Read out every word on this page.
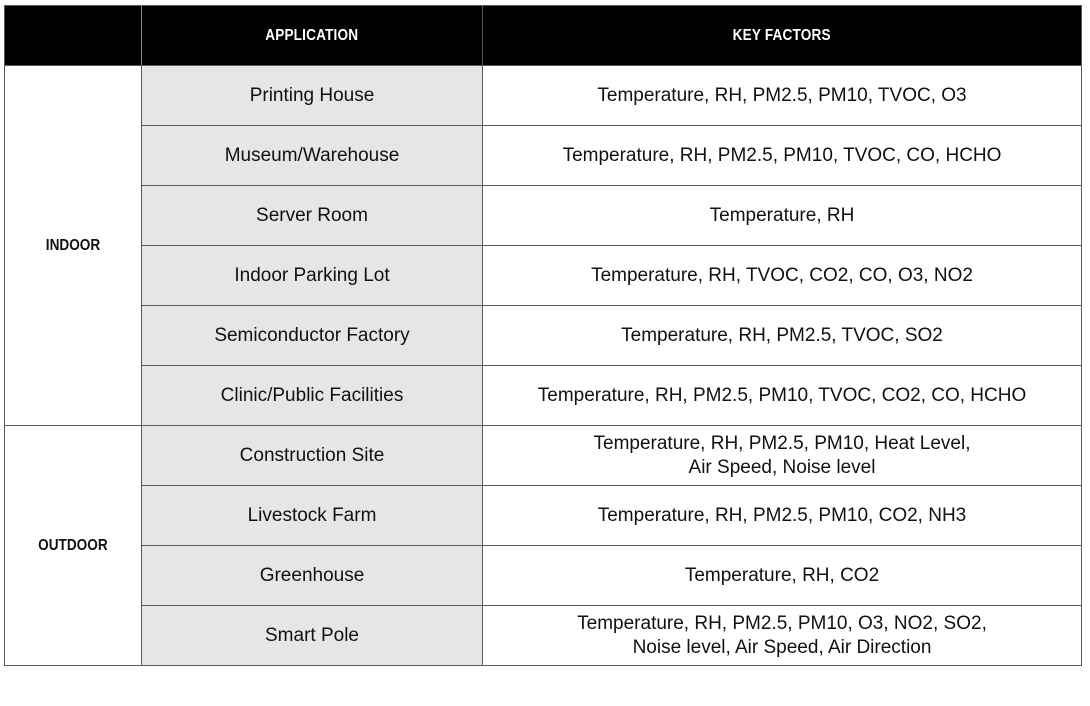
	APPLICATION	KEY FACTORS
INDOOR	Printing House	Temperature, RH, PM2.5, PM10, TVOC, O3

	Museum/Warehouse	Temperature, RH, PM2.5, PM10, TVOC, CO, HCHO

	Server Room	Temperature, RH

	Indoor Parking Lot	Temperature, RH, TVOC, CO2, CO, O3, NO2

	Semiconductor Factory	Temperature, RH, PM2.5, TVOC, SO2

	Clinic/Public Facilities	Temperature, RH, PM2.5, PM10, TVOC, CO2, CO, HCHO

OUTDOOR	Construction Site	Temperature, RH, PM2.5, PM10, Heat Level,
Air Speed, Noise level

	Livestock Farm	Temperature, RH, PM2.5, PM10, CO2, NH3

	Greenhouse	Temperature, RH, CO2

	Smart Pole	Temperature, RH, PM2.5, PM10, O3, NO2, SO2,
Noise level, Air Speed, Air Direction
